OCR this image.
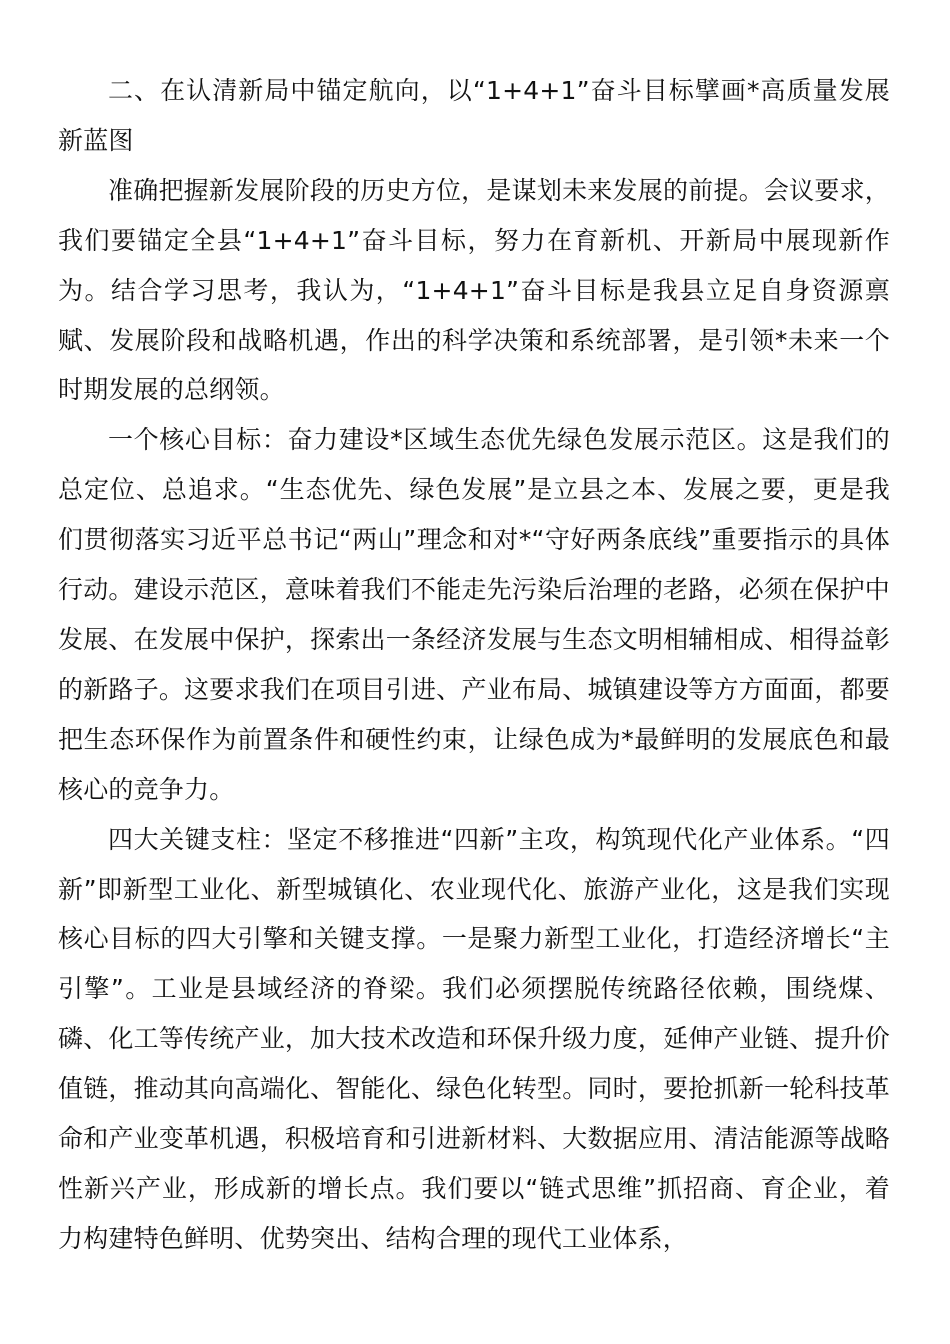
二、在认清新局中锚定航向，以“1+4+1”奋斗目标擘画*高质量发展新蓝图

准确把握新发展阶段的历史方位，是谋划未来发展的前提。会议要求，我们要锚定全县“1+4+1”奋斗目标，努力在育新机、开新局中展现新作为。结合学习思考，我认为，“1+4+1”奋斗目标是我县立足自身资源禀赋、发展阶段和战略机遇，作出的科学决策和系统部署，是引领*未来一个时期发展的总纲领。

一个核心目标：奋力建设*区域生态优先绿色发展示范区。这是我们的总定位、总追求。“生态优先、绿色发展”是立县之本、发展之要，更是我们贯彻落实习近平总书记“两山”理念和对*“守好两条底线”重要指示的具体行动。建设示范区，意味着我们不能走先污染后治理的老路，必须在保护中发展、在发展中保护，探索出一条经济发展与生态文明相辅相成、相得益彰的新路子。这要求我们在项目引进、产业布局、城镇建设等方方面面，都要把生态环保作为前置条件和硬性约束，让绿色成为*最鲜明的发展底色和最核心的竞争力。

四大关键支柱：坚定不移推进“四新”主攻，构筑现代化产业体系。“四新”即新型工业化、新型城镇化、农业现代化、旅游产业化，这是我们实现核心目标的四大引擎和关键支撑。一是聚力新型工业化，打造经济增长“主引擎”。工业是县域经济的脊梁。我们必须摆脱传统路径依赖，围绕煤、磷、化工等传统产业，加大技术改造和环保升级力度，延伸产业链、提升价值链，推动其向高端化、智能化、绿色化转型。同时，要抢抓新一轮科技革命和产业变革机遇，积极培育和引进新材料、大数据应用、清洁能源等战略性新兴产业，形成新的增长点。我们要以“链式思维”抓招商、育企业，着力构建特色鲜明、优势突出、结构合理的现代工业体系，
